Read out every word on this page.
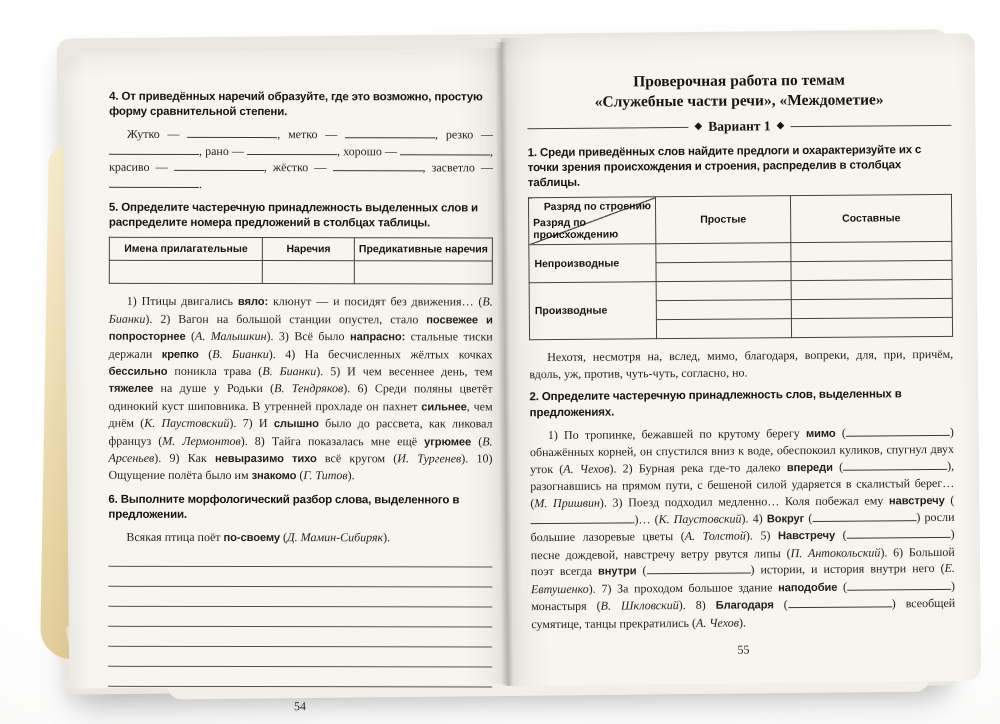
4. От приведённых наречий образуйте, где это возможно, простую форму сравнительной степени.

Жутко —	, метко —	, резко — , рано —	, хорошо —	, красиво —	, жёстко —	, засветло — .

5. Определите частеречную принадлежность выделенных слов и распределите номера предложений в столбцах таблицы.

Имена прилагательные	Наречия	Предикативные наречия

1) Птицы двигались вяло: клюнут — и посидят без движения… (В. Бианки). 2) Вагон на большой станции опустел, стало посвежее и попросторнее (А. Малышкин). 3) Всё было напрасно: стальные тиски держали крепко (В. Бианки). 4) На бесчисленных жёлтых кочках бессильно поникла трава (В. Бианки). 5) И чем весеннее день, тем тяжелее на душе у Родьки (В. Тендряков). 6) Среди поляны цветёт одинокий куст шиповника. В утренней прохладе он пахнет сильнее, чем днём (К. Паустовский). 7) И слышно было до рассвета, как ликовал француз (М. Лермонтов). 8) Тайга показалась мне ещё угрюмее (В. Арсеньев). 9) Как невыразимо тихо всё кругом (И. Тургенев). 10) Ощущение полёта было им знакомо (Г. Титов).

6. Выполните морфологический разбор слова, выделенного в предложении.

Всякая птица поёт по-своему (Д. Мамин-Сибиряк).

54

Проверочная работа по темам

«Служебные части речи», «Междометие»

◆ Вариант 1 ◆

1. Среди приведённых слов найдите предлоги и охарактеризуйте их с точки зрения происхождения и строения, распределив в столбцах таблицы.

Разряд по строению
Разряд по происхождению	Простые	Составные
Непроизводные		

Производные		

Нехотя, несмотря на, вслед, мимо, благодаря, вопреки, для, при, причём, вдоль, уж, против, чуть-чуть, согласно, но.

2. Определите частеречную принадлежность слов, выделенных в предложениях.

1) По тропинке, бежавшей по крутому берегу мимо (	) обнажённых корней, он спустился вниз к воде, обеспокоил куликов, спугнул двух уток (А. Чехов). 2) Бурная река где-то далеко впереди (	), разогнавшись на прямом пути, с бешеной силой ударяется в скалистый берег… (М. Пришвин). 3) Поезд подходил медленно… Коля побежал ему навстречу ()… (К. Паустовский). 4) Вокруг (	) росли большие лазоревые цветы (А. Толстой). 5) Навстречу (	) песне дождевой, навстречу ветру рвутся липы (П. Антокольский). 6) Большой поэт всегда внутри (	) истории, и история внутри него (Е. Евтушенко). 7) За проходом большое здание наподобие (	) монастыря (В. Шкловский). 8) Благодаря (	) всеобщей сумятице, танцы прекратились (А. Чехов).

55
